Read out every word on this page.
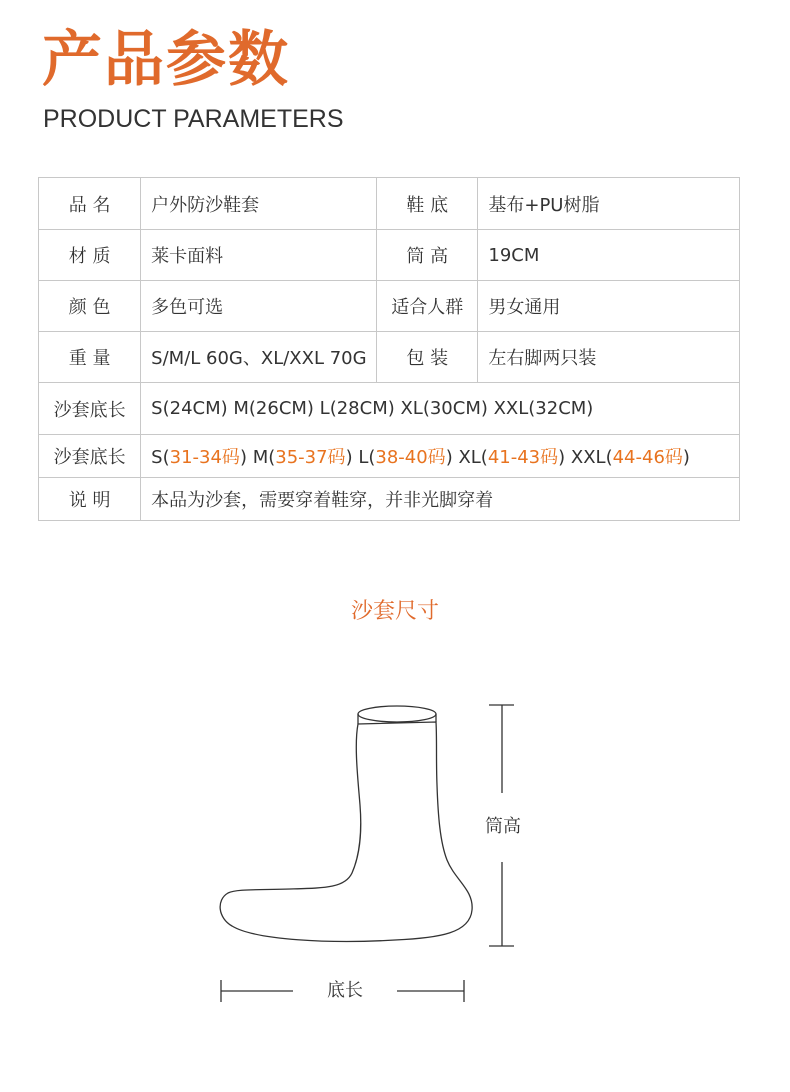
产品参数
PRODUCT PARAMETERS
品 名	户外防沙鞋套	鞋 底	基布+PU树脂
材 质	莱卡面料	筒 高	19CM
颜 色	多色可选	适合人群	男女通用
重 量	S/M/L 60G、XL/XXL 70G	包 装	左右脚两只装
沙套底长	S(24CM) M(26CM) L(28CM) XL(30CM) XXL(32CM)		
沙套底长	S(31-34码) M(35-37码) L(38-40码) XL(41-43码) XXL(44-46码)		
说 明	本品为沙套，需要穿着鞋穿，并非光脚穿着		
沙套尺寸
筒高
底长
